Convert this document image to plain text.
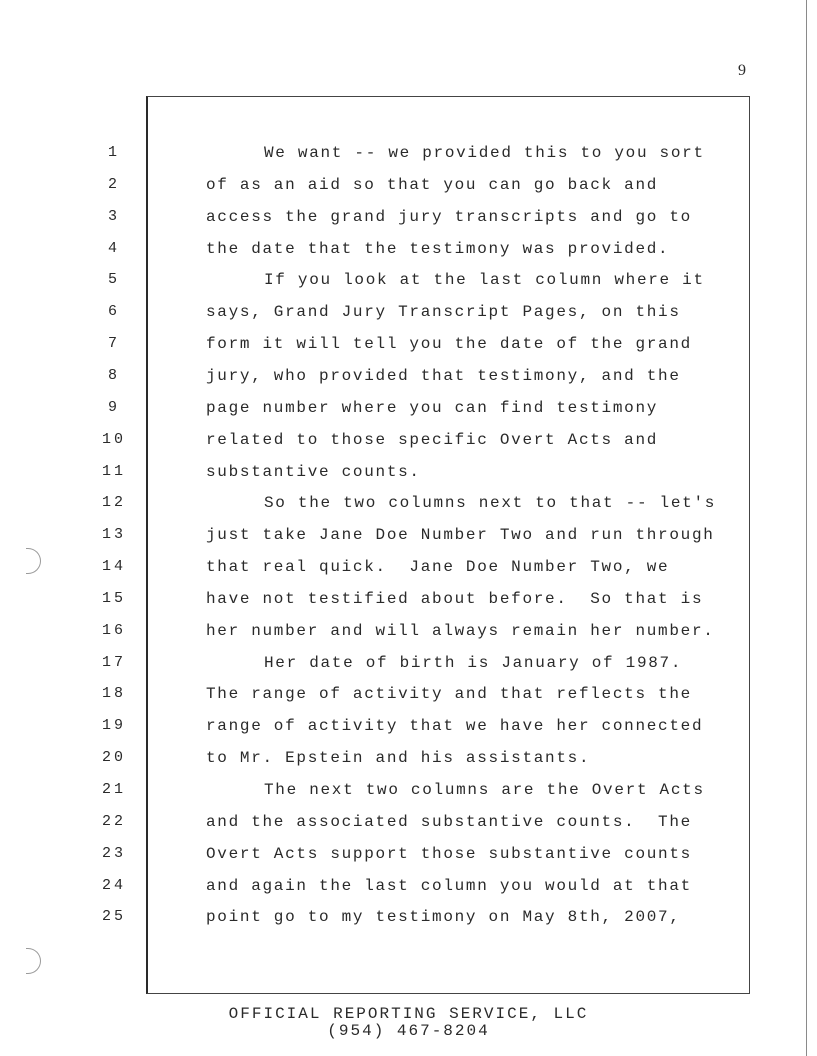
9
1	We want -- we provided this to you sort
2	of as an aid so that you can go back and
3	access the grand jury transcripts and go to
4	the date that the testimony was provided.
5	If you look at the last column where it
6	says, Grand Jury Transcript Pages, on this
7	form it will tell you the date of the grand
8	jury, who provided that testimony, and the
9	page number where you can find testimony
10	related to those specific Overt Acts and
11	substantive counts.
12	So the two columns next to that -- let's
13	just take Jane Doe Number Two and run through
14	that real quick.  Jane Doe Number Two, we
15	have not testified about before.  So that is
16	her number and will always remain her number.
17	Her date of birth is January of 1987.
18	The range of activity and that reflects the
19	range of activity that we have her connected
20	to Mr. Epstein and his assistants.
21	The next two columns are the Overt Acts
22	and the associated substantive counts.  The
23	Overt Acts support those substantive counts
24	and again the last column you would at that
25	point go to my testimony on May 8th, 2007,
OFFICIAL REPORTING SERVICE, LLC
(954) 467-8204
